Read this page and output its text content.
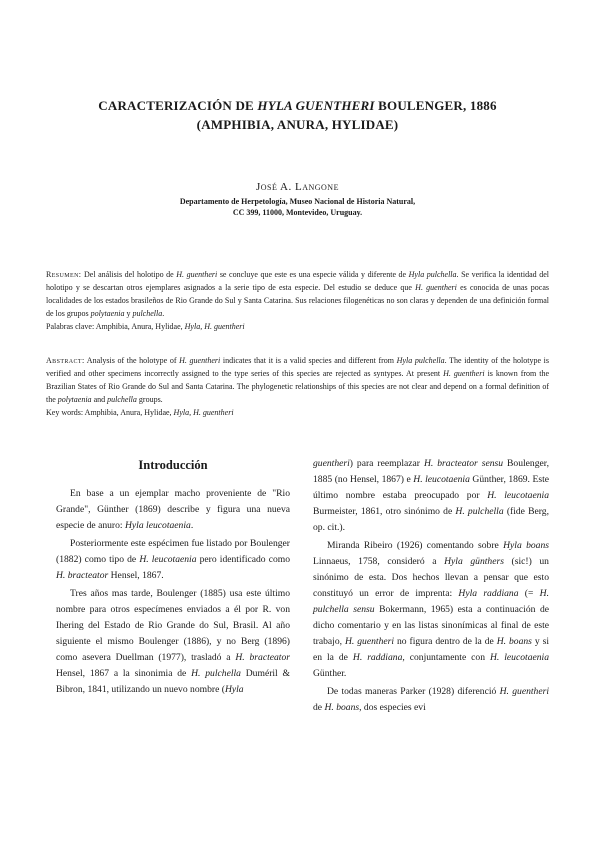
CARACTERIZACIÓN DE HYLA GUENTHERI BOULENGER, 1886
(AMPHIBIA, ANURA, HYLIDAE)
José A. Langone
Departamento de Herpetología, Museo Nacional de Historia Natural,
CC 399, 11000, Montevideo, Uruguay.
Resumen: Del análisis del holotipo de H. guentheri se concluye que este es una especie válida y diferente de Hyla pulchella. Se verifica la identidad del holotipo y se descartan otros ejemplares asignados a la serie tipo de esta especie. Del estudio se deduce que H. guentheri es conocida de unas pocas localidades de los estados brasileños de Rio Grande do Sul y Santa Catarina. Sus relaciones filogenéticas no son claras y dependen de una definición formal de los grupos polytaenia y pulchella.
Palabras clave: Amphibia, Anura, Hylidae, Hyla, H. guentheri
Abstract: Analysis of the holotype of H. guentheri indicates that it is a valid species and different from Hyla pulchella. The identity of the holotype is verified and other specimens incorrectly assigned to the type series of this species are rejected as syntypes. At present H. guentheri is known from the Brazilian States of Rio Grande do Sul and Santa Catarina. The phylogenetic relationships of this species are not clear and depend on a formal definition of the polytaenia and pulchella groups.
Key words: Amphibia, Anura, Hylidae, Hyla, H. guentheri
Introducción

En base a un ejemplar macho proveniente de "Rio Grande", Günther (1869) describe y figura una nueva especie de anuro: Hyla leucotaenia.

Posteriormente este espécimen fue listado por Boulenger (1882) como tipo de H. leucotaenia pero identificado como H. bracteator Hensel, 1867.

Tres años mas tarde, Boulenger (1885) usa este último nombre para otros especímenes enviados a él por R. von Ihering del Estado de Rio Grande do Sul, Brasil. Al año siguiente el mismo Boulenger (1886), y no Berg (1896) como asevera Duellman (1977), trasladó a H. bracteator Hensel, 1867 a la sinonimia de H. pulchella Duméril & Bibron, 1841, utilizando un nuevo nombre (Hyla

guentheri) para reemplazar H. bracteator sensu Boulenger, 1885 (no Hensel, 1867) e H. leucotaenia Günther, 1869. Este último nombre estaba preocupado por H. leucotaenia Burmeister, 1861, otro sinónimo de H. pulchella (fide Berg, op. cit.).

Miranda Ribeiro (1926) comentando sobre Hyla boans Linnaeus, 1758, consideró a Hyla günthers (sic!) un sinónimo de esta. Dos hechos llevan a pensar que esto constituyó un error de imprenta: Hyla raddiana (= H. pulchella sensu Bokermann, 1965) esta a continuación de dicho comentario y en las listas sinonímicas al final de este trabajo, H. guentheri no figura dentro de la de H. boans y si en la de H. raddiana, conjuntamente con H. leucotaenia Günther.

De todas maneras Parker (1928) diferenció H. guentheri de H. boans, dos especies evi
